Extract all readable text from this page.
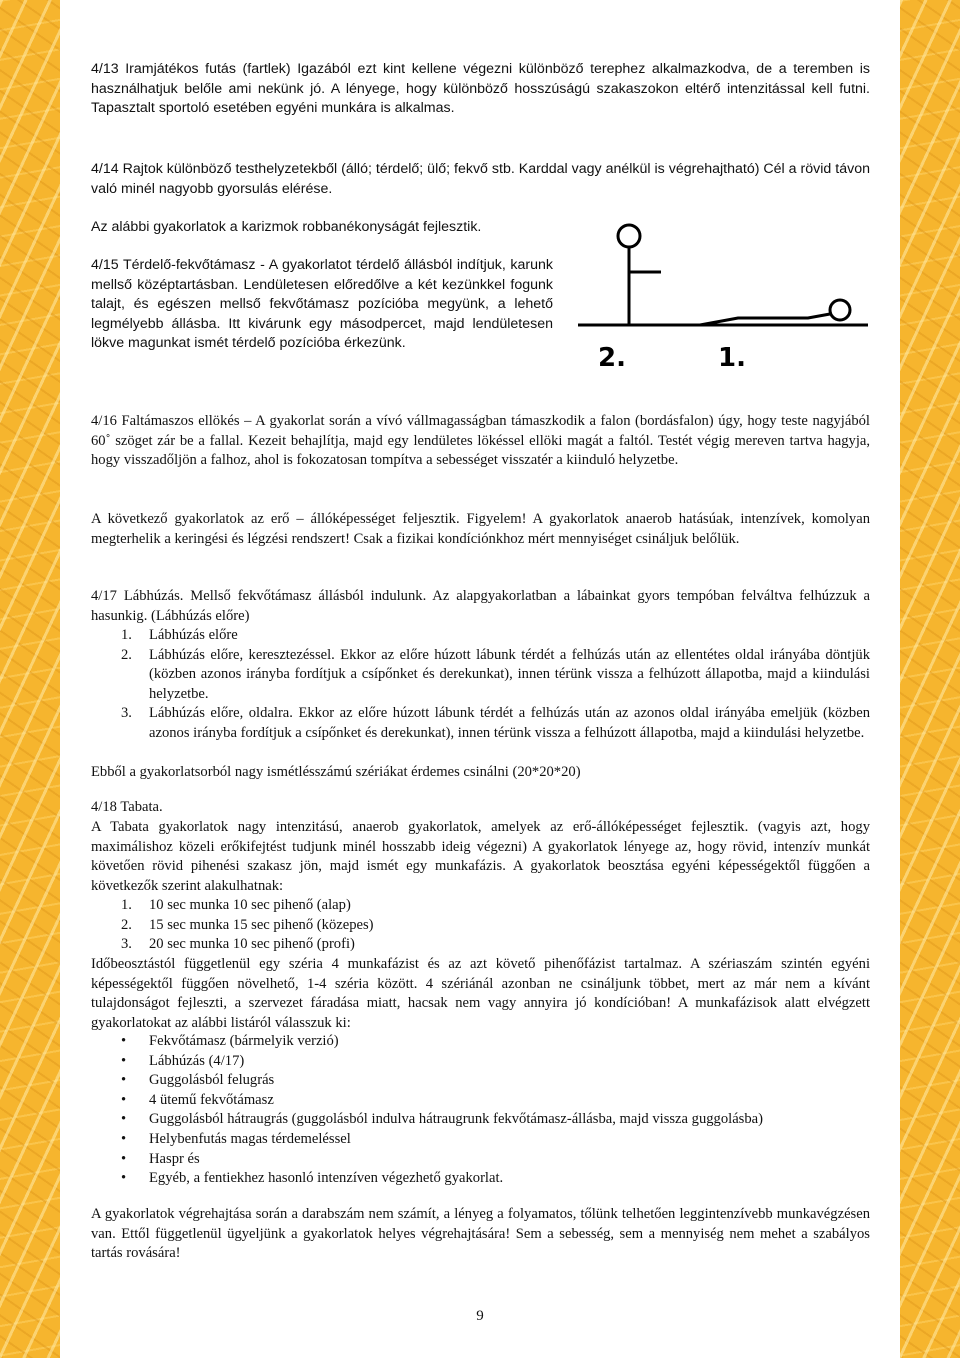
4/13 Iramjátékos futás (fartlek) Igazából ezt kint kellene végezni különböző terephez alkalmazkodva, de a teremben is használhatjuk belőle ami nekünk jó. A lényege, hogy különböző hosszúságú szakaszokon eltérő intenzitással kell futni. Tapasztalt sportoló esetében egyéni munkára is alkalmas.

4/14 Rajtok különböző testhelyzetekből (álló; térdelő; ülő; fekvő stb. Karddal vagy anélkül is végrehajtható) Cél a rövid távon való minél nagyobb gyorsulás elérése.

Az alábbi gyakorlatok a karizmok robbanékonyságát fejlesztik.

4/15 Térdelő-fekvőtámasz - A gyakorlatot térdelő állásból indítjuk, karunk mellső középtartásban. Lendületesen előredőlve a két kezünkkel fogunk talajt, és egészen mellső fekvőtámasz pozícióba megyünk, a lehető legmélyebb állásba. Itt kivárunk egy másodpercet, majd lendületesen lökve magunkat ismét térdelő pozícióba érkezünk.

4/16 Faltámaszos ellökés – A gyakorlat során a vívó vállmagasságban támaszkodik a falon (bordásfalon) úgy, hogy teste nagyjából 60˚ szöget zár be a fallal. Kezeit behajlítja, majd egy lendületes lökéssel ellöki magát a faltól. Testét végig mereven tartva hagyja, hogy visszadőljön a falhoz, ahol is fokozatosan tompítva a sebességet visszatér a kiinduló helyzetbe.

A következő gyakorlatok az erő – állóképességet feljesztik. Figyelem! A gyakorlatok anaerob hatásúak, intenzívek, komolyan megterhelik a keringési és légzési rendszert! Csak a fizikai kondíciónkhoz mért mennyiséget csináljuk belőlük.

4/17 Lábhúzás. Mellső fekvőtámasz állásból indulunk. Az alapgyakorlatban a lábainkat gyors tempóban felváltva felhúzzuk a hasunkig. (Lábhúzás előre)

1. Lábhúzás előre
2. Lábhúzás előre, keresztezéssel. Ekkor az előre húzott lábunk térdét a felhúzás után az ellentétes oldal irányába döntjük (közben azonos irányba fordítjuk a csípőnket és derekunkat), innen térünk vissza a felhúzott állapotba, majd a kiindulási helyzetbe.
3. Lábhúzás előre, oldalra. Ekkor az előre húzott lábunk térdét a felhúzás után az azonos oldal irányába emeljük (közben azonos irányba fordítjuk a csípőnket és derekunkat), innen térünk vissza a felhúzott állapotba, majd a kiindulási helyzetbe.

Ebből a gyakorlatsorból nagy ismétlésszámú szériákat érdemes csinálni (20*20*20)

4/18 Tabata.

A Tabata gyakorlatok nagy intenzitású, anaerob gyakorlatok, amelyek az erő-állóképességet fejlesztik. (vagyis azt, hogy maximálishoz közeli erőkifejtést tudjunk minél hosszabb ideig végezni) A gyakorlatok lényege az, hogy rövid, intenzív munkát követően rövid pihenési szakasz jön, majd ismét egy munkafázis. A gyakorlatok beosztása egyéni képességektől függően a következők szerint alakulhatnak:

1. 10 sec munka 10 sec pihenő (alap)
2. 15 sec munka 15 sec pihenő (közepes)
3. 20 sec munka 10 sec pihenő (profi)

Időbeosztástól függetlenül egy széria 4 munkafázist és az azt követő pihenőfázist tartalmaz. A szériaszám szintén egyéni képességektől függően növelhető, 1-4 széria között. 4 szériánál azonban ne csináljunk többet, mert az már nem a kívánt tulajdonságot fejleszti, a szervezet fáradása miatt, hacsak nem vagy annyira jó kondícióban! A munkafázisok alatt elvégzett gyakorlatokat az alábbi listáról válasszuk ki:

• Fekvőtámasz (bármelyik verzió)
• Lábhúzás (4/17)
• Guggolásból felugrás
• 4 ütemű fekvőtámasz
• Guggolásból hátraugrás (guggolásból indulva hátraugrunk fekvőtámasz-állásba, majd vissza guggolásba)
• Helybenfutás magas térdemeléssel
• Haspr és
• Egyéb, a fentiekhez hasonló intenzíven végezhető gyakorlat.

A gyakorlatok végrehajtása során a darabszám nem számít, a lényeg a folyamatos, tőlünk telhetően leggintenzívebb munkavégzésen van. Ettől függetlenül ügyeljünk a gyakorlatok helyes végrehajtására! Sem a sebesség, sem a mennyiség nem mehet a szabályos tartás rovására!

2.	1.
9
